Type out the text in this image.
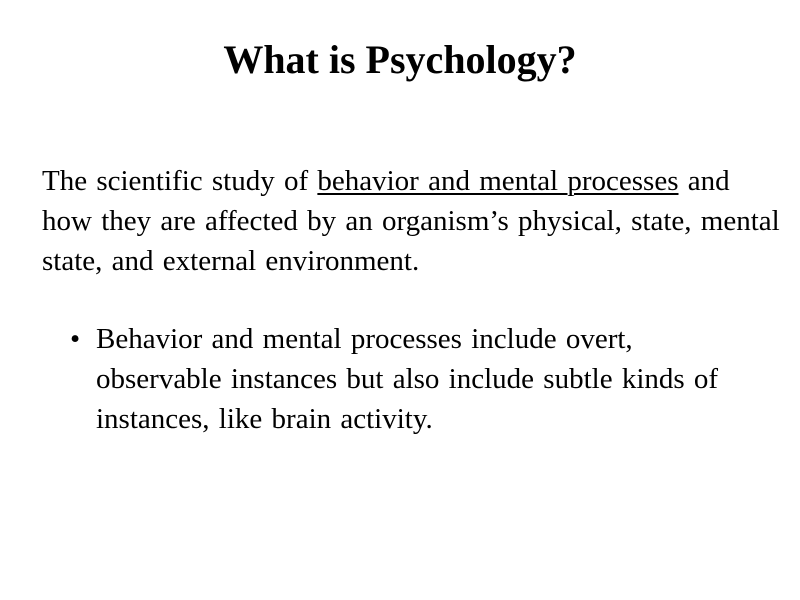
What is Psychology?

The scientific study of behavior and mental processes and how they are affected by an organism’s physical, state, mental state, and external environment.

• Behavior and mental processes include overt, observable instances but also include subtle kinds of instances, like brain activity.
